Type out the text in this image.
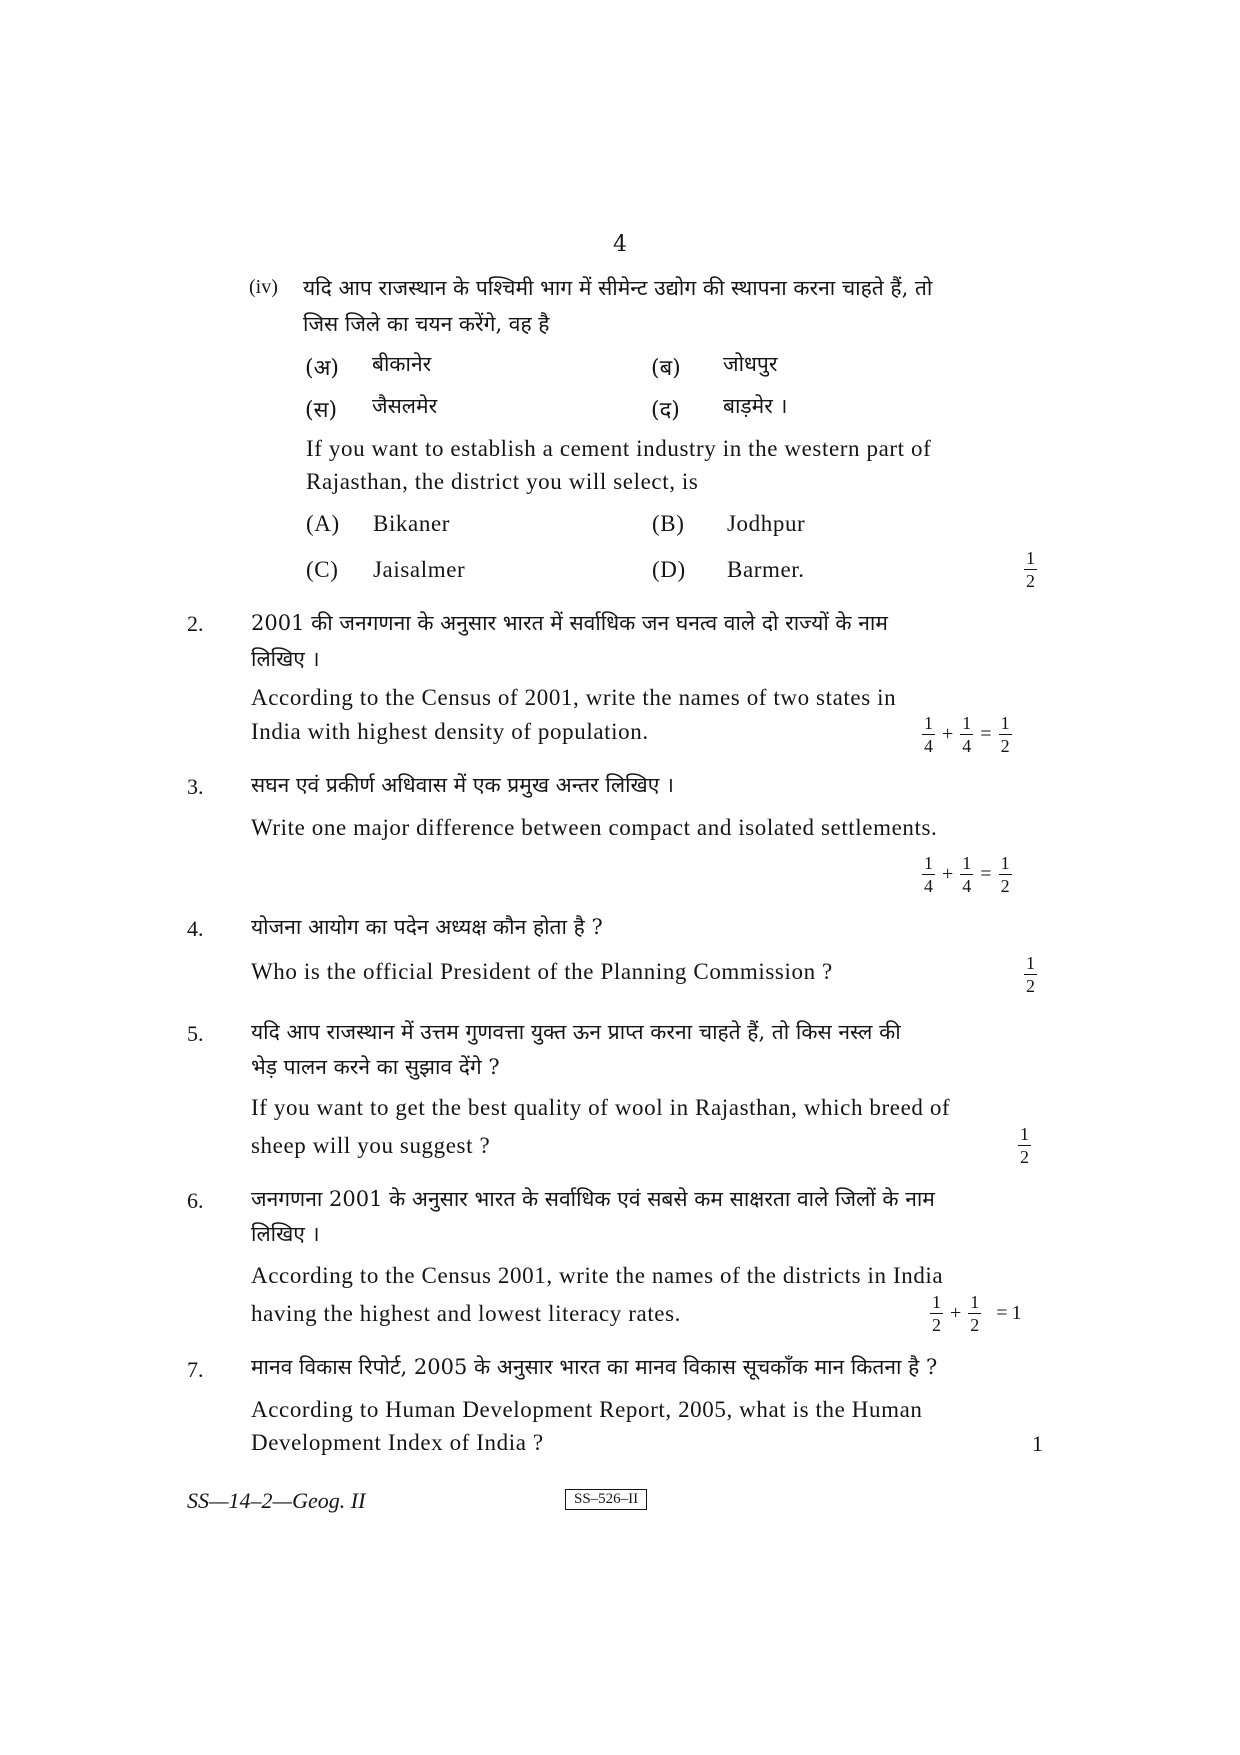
4
(iv) यदि आप राजस्थान के पश्चिमी भाग में सीमेन्ट उद्योग की स्थापना करना चाहते हैं, तो
जिस जिले का चयन करेंगे, वह है
(अ) बीकानेर	(ब) जोधपुर
(स) जैसलमेर	(द) बाड़मेर ।
If you want to establish a cement industry in the western part of
Rajasthan, the district you will select, is
(A) Bikaner	(B) Jodhpur
(C) Jaisalmer	(D) Barmer.	$\frac{1}{2}$
2. 2001 की जनगणना के अनुसार भारत में सर्वाधिक जन घनत्व वाले दो राज्यों के नाम
लिखिए ।
According to the Census of 2001, write the names of two states in
India with highest density of population.	$\frac{1}{4} + \frac{1}{4} = \frac{1}{2}$
3. सघन एवं प्रकीर्ण अधिवास में एक प्रमुख अन्तर लिखिए ।
Write one major difference between compact and isolated settlements.
$\frac{1}{4} + \frac{1}{4} = \frac{1}{2}$
4. योजना आयोग का पदेन अध्यक्ष कौन होता है ?
Who is the official President of the Planning Commission ?	$\frac{1}{2}$
5. यदि आप राजस्थान में उत्तम गुणवत्ता युक्त ऊन प्राप्त करना चाहते हैं, तो किस नस्ल की
भेड़ पालन करने का सुझाव देंगे ?
If you want to get the best quality of wool in Rajasthan, which breed of
sheep will you suggest ?	$\frac{1}{2}$
6. जनगणना 2001 के अनुसार भारत के सर्वाधिक एवं सबसे कम साक्षरता वाले जिलों के नाम
लिखिए ।
According to the Census 2001, write the names of the districts in India
having the highest and lowest literacy rates.	$\frac{1}{2} + \frac{1}{2} = 1$
7. मानव विकास रिपोर्ट, 2005 के अनुसार भारत का मानव विकास सूचकाँक मान कितना है ?
According to Human Development Report, 2005, what is the Human
Development Index of India ?	1
SS—14–2—Geog. II	SS–526–II
